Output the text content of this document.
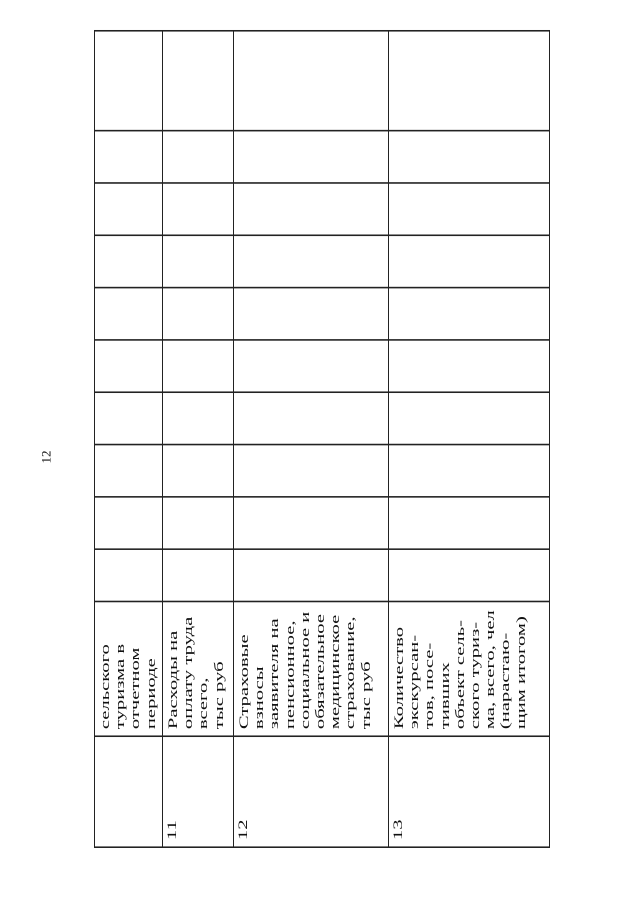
12
сельского туризма в отчетном периоде
11
Расходы на оплату труда всего, тыс руб
12
Страховые взносы заявителя на пенсионное, социальное и обязательное медицинское страхование, тыс руб
13
Количество экскурсан- тов, посе- тивших объект сель- ского туриз- ма, всего, чел (нарастаю- щим итогом)
